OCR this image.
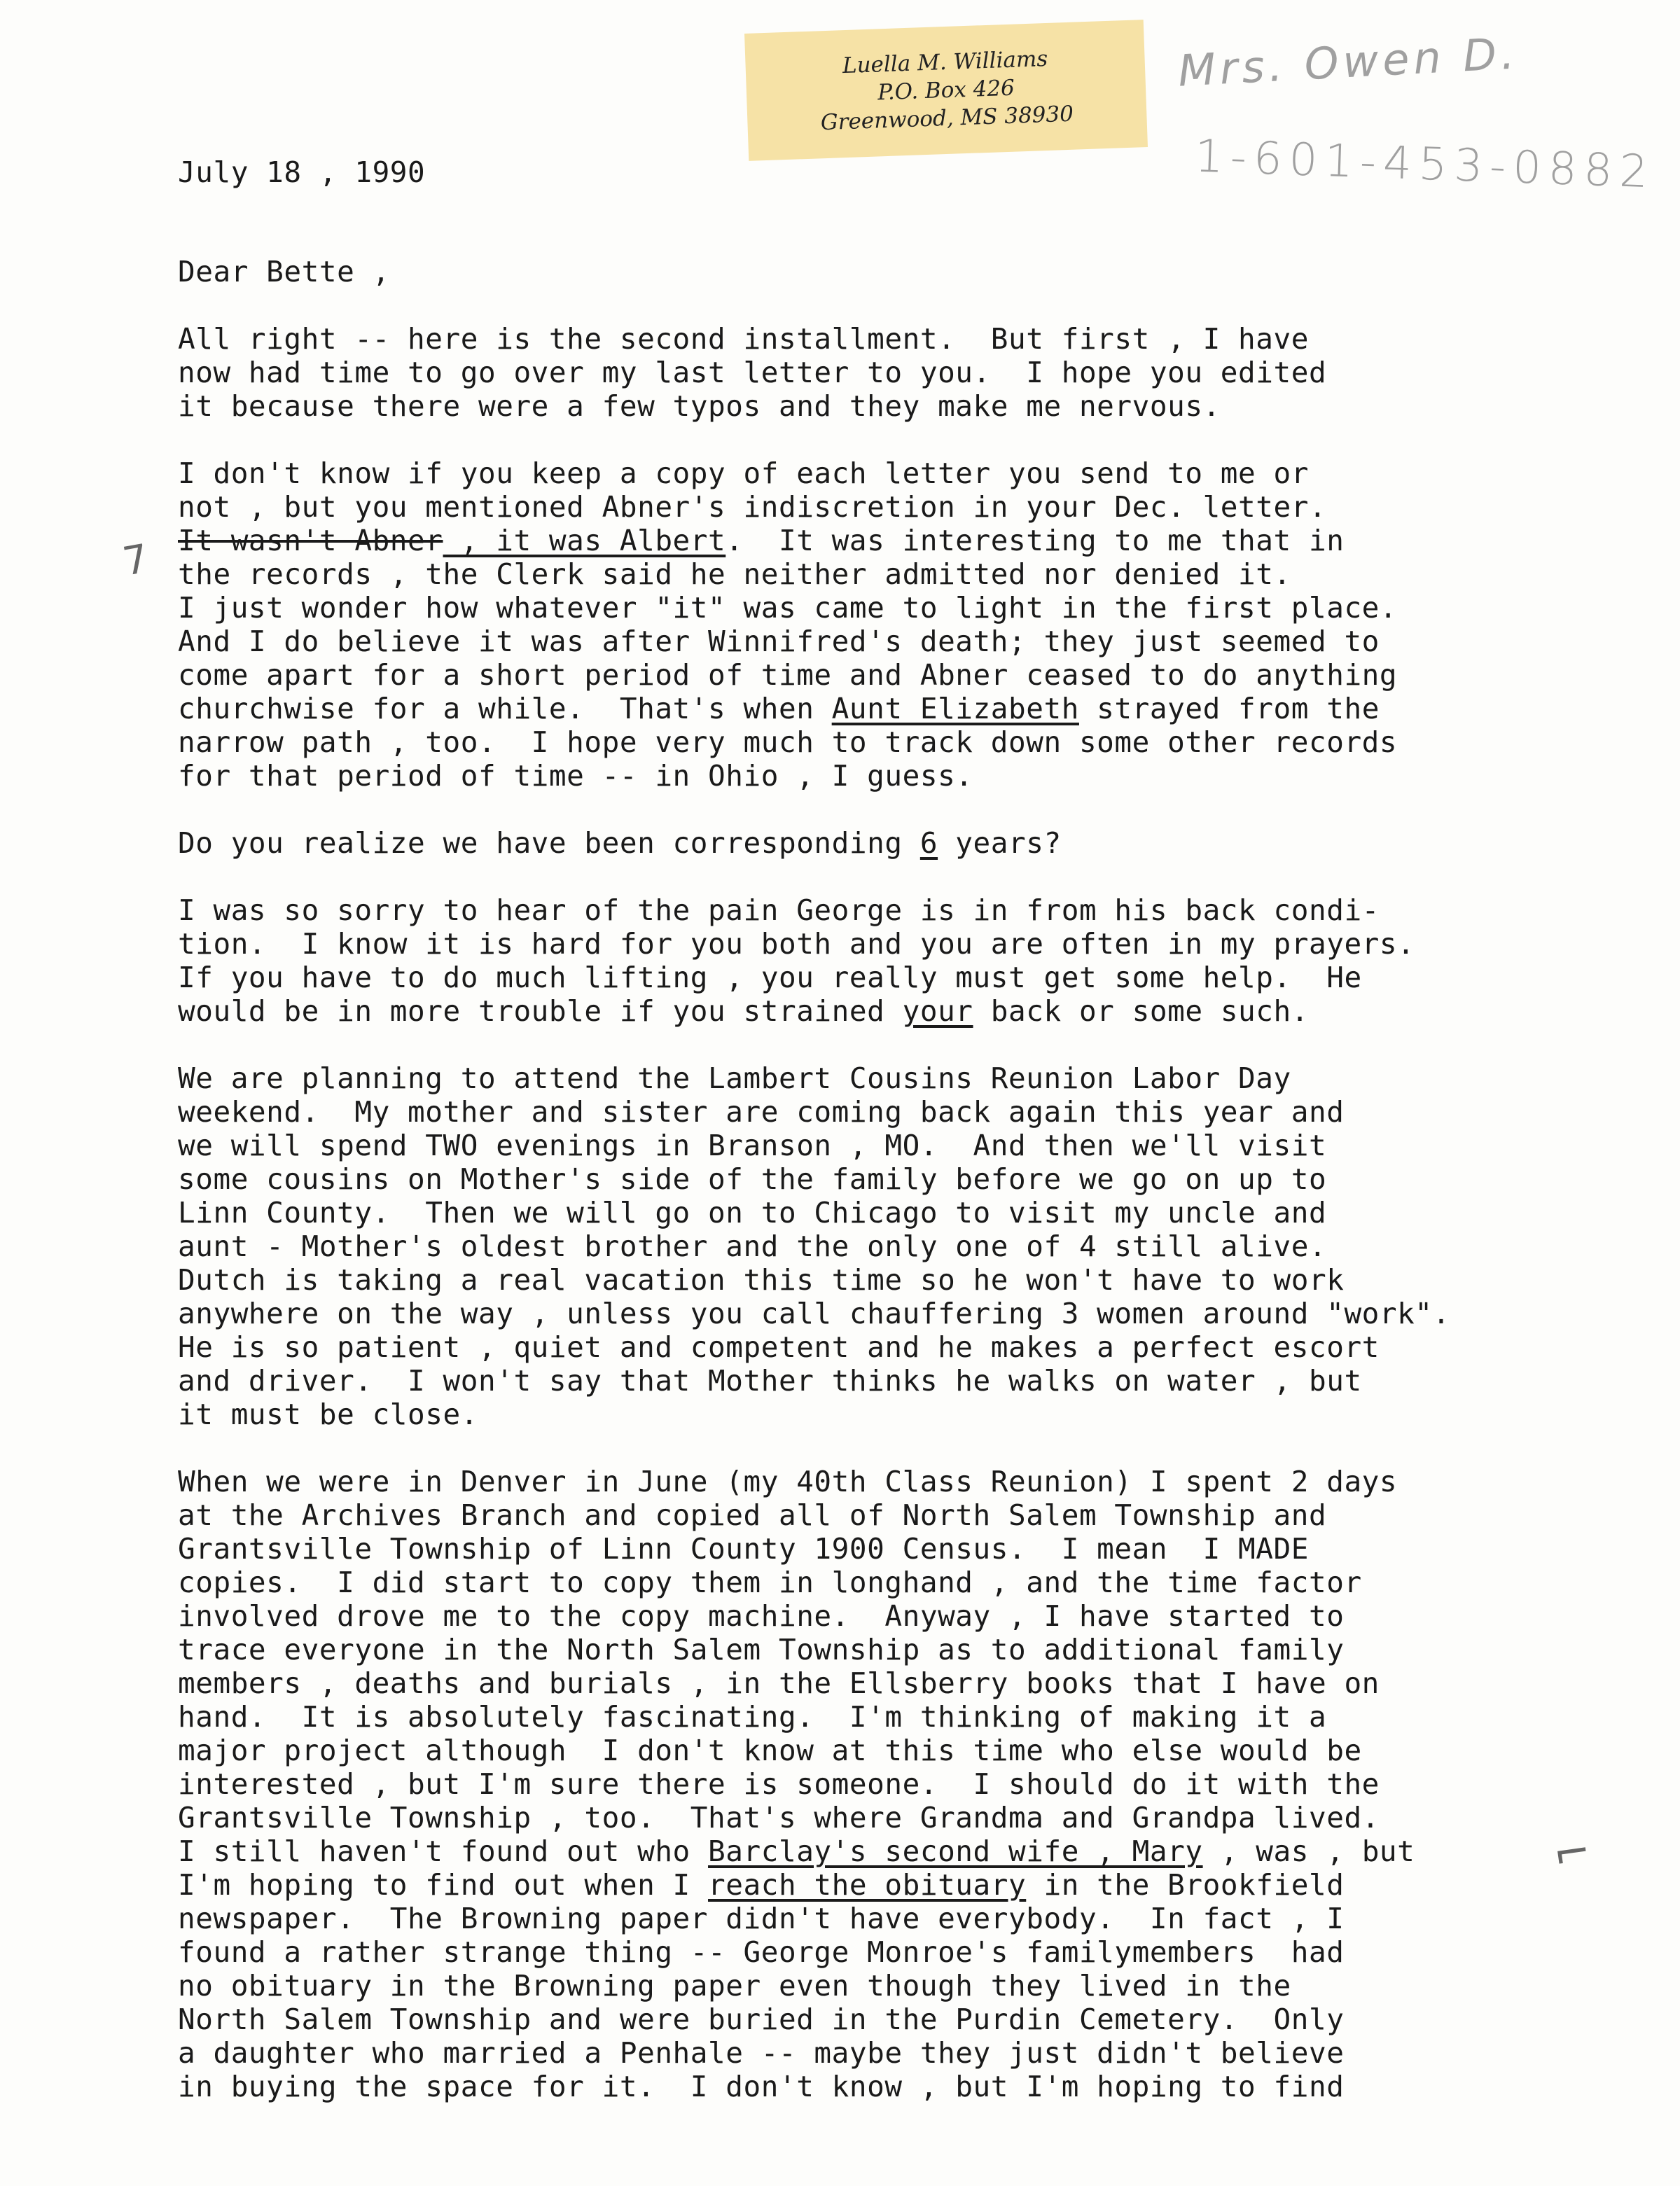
Luella M. Williams
P.O. Box 426
Greenwood, MS 38930
Mrs. Owen D.
1-601-453-0882
7
⌐
July 18 , 1990
Dear Bette ,
All right -- here is the second installment.  But first , I have
now had time to go over my last letter to you.  I hope you edited
it because there were a few typos and they make me nervous.
I don't know if you keep a copy of each letter you send to me or
not , but you mentioned Abner's indiscretion in your Dec. letter.
It wasn't Abner , it was Albert.  It was interesting to me that in
the records , the Clerk said he neither admitted nor denied it.
I just wonder how whatever "it" was came to light in the first place.
And I do believe it was after Winnifred's death; they just seemed to
come apart for a short period of time and Abner ceased to do anything
churchwise for a while.  That's when Aunt Elizabeth strayed from the
narrow path , too.  I hope very much to track down some other records
for that period of time -- in Ohio , I guess.
Do you realize we have been corresponding 6 years?
I was so sorry to hear of the pain George is in from his back condi-
tion.  I know it is hard for you both and you are often in my prayers.
If you have to do much lifting , you really must get some help.  He
would be in more trouble if you strained your back or some such.
We are planning to attend the Lambert Cousins Reunion Labor Day
weekend.  My mother and sister are coming back again this year and
we will spend TWO evenings in Branson , MO.  And then we'll visit
some cousins on Mother's side of the family before we go on up to
Linn County.  Then we will go on to Chicago to visit my uncle and
aunt - Mother's oldest brother and the only one of 4 still alive.
Dutch is taking a real vacation this time so he won't have to work
anywhere on the way , unless you call chauffering 3 women around "work".
He is so patient , quiet and competent and he makes a perfect escort
and driver.  I won't say that Mother thinks he walks on water , but
it must be close.
When we were in Denver in June (my 40th Class Reunion) I spent 2 days
at the Archives Branch and copied all of North Salem Township and
Grantsville Township of Linn County 1900 Census.  I mean  I MADE
copies.  I did start to copy them in longhand , and the time factor
involved drove me to the copy machine.  Anyway , I have started to
trace everyone in the North Salem Township as to additional family
members , deaths and burials , in the Ellsberry books that I have on
hand.  It is absolutely fascinating.  I'm thinking of making it a
major project although  I don't know at this time who else would be
interested , but I'm sure there is someone.  I should do it with the
Grantsville Township , too.  That's where Grandma and Grandpa lived.
I still haven't found out who Barclay's second wife , Mary , was , but
I'm hoping to find out when I reach the obituary in the Brookfield
newspaper.  The Browning paper didn't have everybody.  In fact , I
found a rather strange thing -- George Monroe's familymembers  had
no obituary in the Browning paper even though they lived in the
North Salem Township and were buried in the Purdin Cemetery.  Only
a daughter who married a Penhale -- maybe they just didn't believe
in buying the space for it.  I don't know , but I'm hoping to find
